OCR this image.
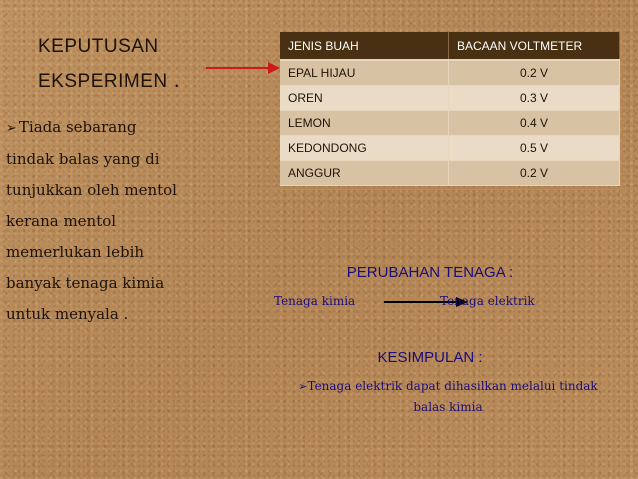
KEPUTUSAN
EKSPERIMEN .
➢ Tiada sebarang
tindak balas yang di
tunjukkan oleh mentol
kerana mentol
memerlukan lebih
banyak tenaga kimia
untuk menyala .
JENIS BUAH	BACAAN VOLTMETER
EPAL HIJAU	0.2 V
OREN	0.3 V
LEMON	0.4 V
KEDONDONG	0.5 V
ANGGUR	0.2 V
PERUBAHAN TENAGA :
Tenaga kimia	Tenaga elektrik
KESIMPULAN :
➢Tenaga elektrik dapat dihasilkan melalui tindak
balas kimia
